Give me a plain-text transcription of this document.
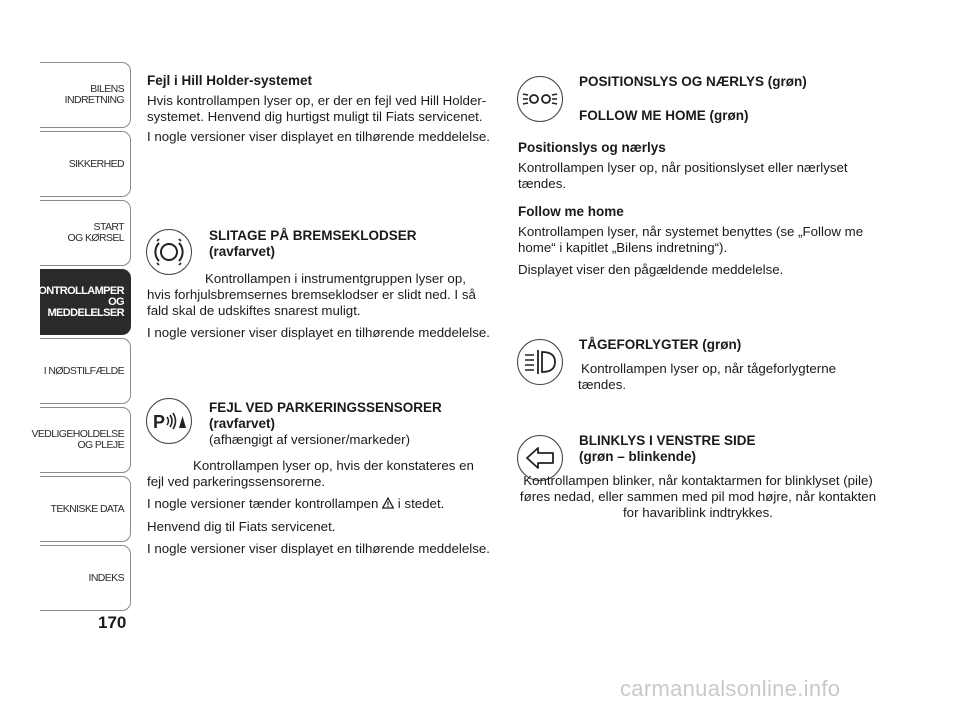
BILENS
INDRETNING
SIKKERHED
START
OG KØRSEL
KONTROLLAMPER
OG MEDDELELSER
I NØDSTILFÆLDE
VEDLIGEHOLDELSE
OG PLEJE
TEKNISKE DATA
INDEKS
170
Fejl i Hill Holder-systemet

Hvis kontrollampen lyser op, er der en fejl ved Hill Holder-systemet. Henvend dig hurtigst muligt til Fiats servicenet.

I nogle versioner viser displayet en tilhørende meddelelse.

SLITAGE PÅ BREMSEKLODSER (ravfarvet)

Kontrollampen i instrumentgruppen lyser op, hvis forhjulsbremsernes bremseklodser er slidt ned. I så fald skal de udskiftes snarest muligt.

I nogle versioner viser displayet en tilhørende meddelelse.

P
FEJL VED PARKERINGSSENSORER (ravfarvet)
(afhængigt af versioner/markeder)

Kontrollampen lyser op, hvis der konstateres en fejl ved parkeringssensorerne.

I nogle versioner tænder kontrollampen i stedet.

Henvend dig til Fiats servicenet.

I nogle versioner viser displayet en tilhørende meddelelse.

POSITIONSLYS OG NÆRLYS (grøn)
FOLLOW ME HOME (grøn)
Positionslys og nærlys

Kontrollampen lyser op, når positionslyset eller nærlyset tændes.

Follow me home

Kontrollampen lyser, når systemet benyttes (se „Follow me home“ i kapitlet „Bilens indretning“).

Displayet viser den pågældende meddelelse.

TÅGEFORLYGTER (grøn)

Kontrollampen lyser op, når tågeforlygterne tændes.

BLINKLYS I VENSTRE SIDE
(grøn – blinkende)

Kontrollampen blinker, når kontaktarmen for blinklyset (pile) føres nedad, eller sammen med pil mod højre, når kontakten for havariblink indtrykkes.

carmanualsonline.info
